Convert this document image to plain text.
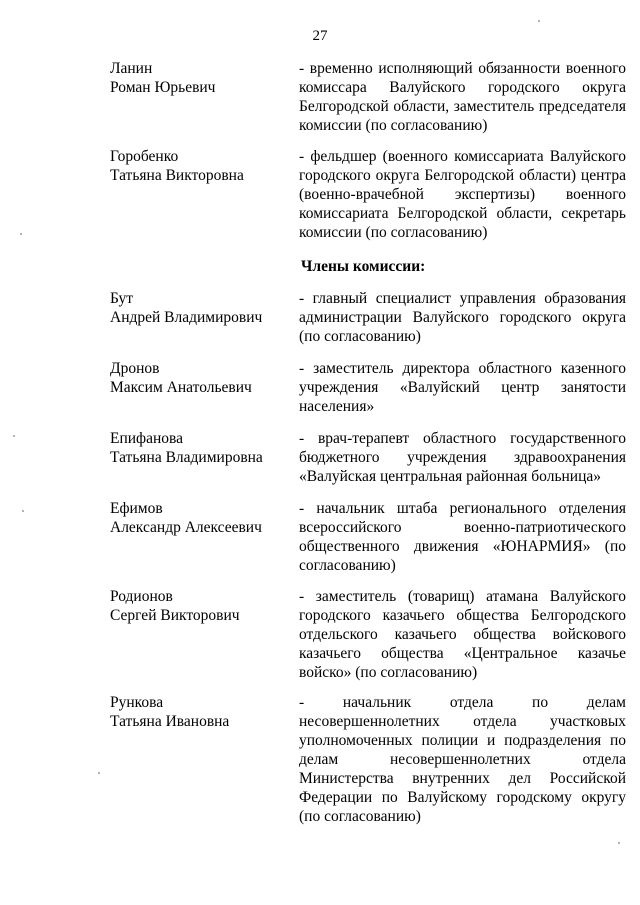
27
Ланин
Роман Юрьевич
- временно исполняющий обязанности военного комиссара Валуйского городского округа Белгородской области, заместитель председателя комиссии (по согласованию)
Горобенко
Татьяна Викторовна
- фельдшер (военного комиссариата Валуйского городского округа Белгородской области) центра (военно-врачебной экспертизы) военного комиссариата Белгородской области, секретарь комиссии (по согласованию)
Члены комиссии:
Бут
Андрей Владимирович
- главный специалист управления образования администрации Валуйского городского округа (по согласованию)
Дронов
Максим Анатольевич
- заместитель директора областного казенного учреждения «Валуйский центр занятости населения»
Епифанова
Татьяна Владимировна
- врач-терапевт областного государственного бюджетного учреждения здравоохранения «Валуйская центральная районная больница»
Ефимов
Александр Алексеевич
- начальник штаба регионального отделения всероссийского военно-патриотического общественного движения «ЮНАРМИЯ» (по согласованию)
Родионов
Сергей Викторович
- заместитель (товарищ) атамана Валуйского городского казачьего общества Белгородского отдельского казачьего общества войскового казачьего общества «Центральное казачье войско» (по согласованию)
Рункова
Татьяна Ивановна
- начальник отдела по делам несовершеннолетних отдела участковых уполномоченных полиции и подразделения по делам несовершеннолетних отдела Министерства внутренних дел Российской Федерации по Валуйскому городскому округу (по согласованию)
